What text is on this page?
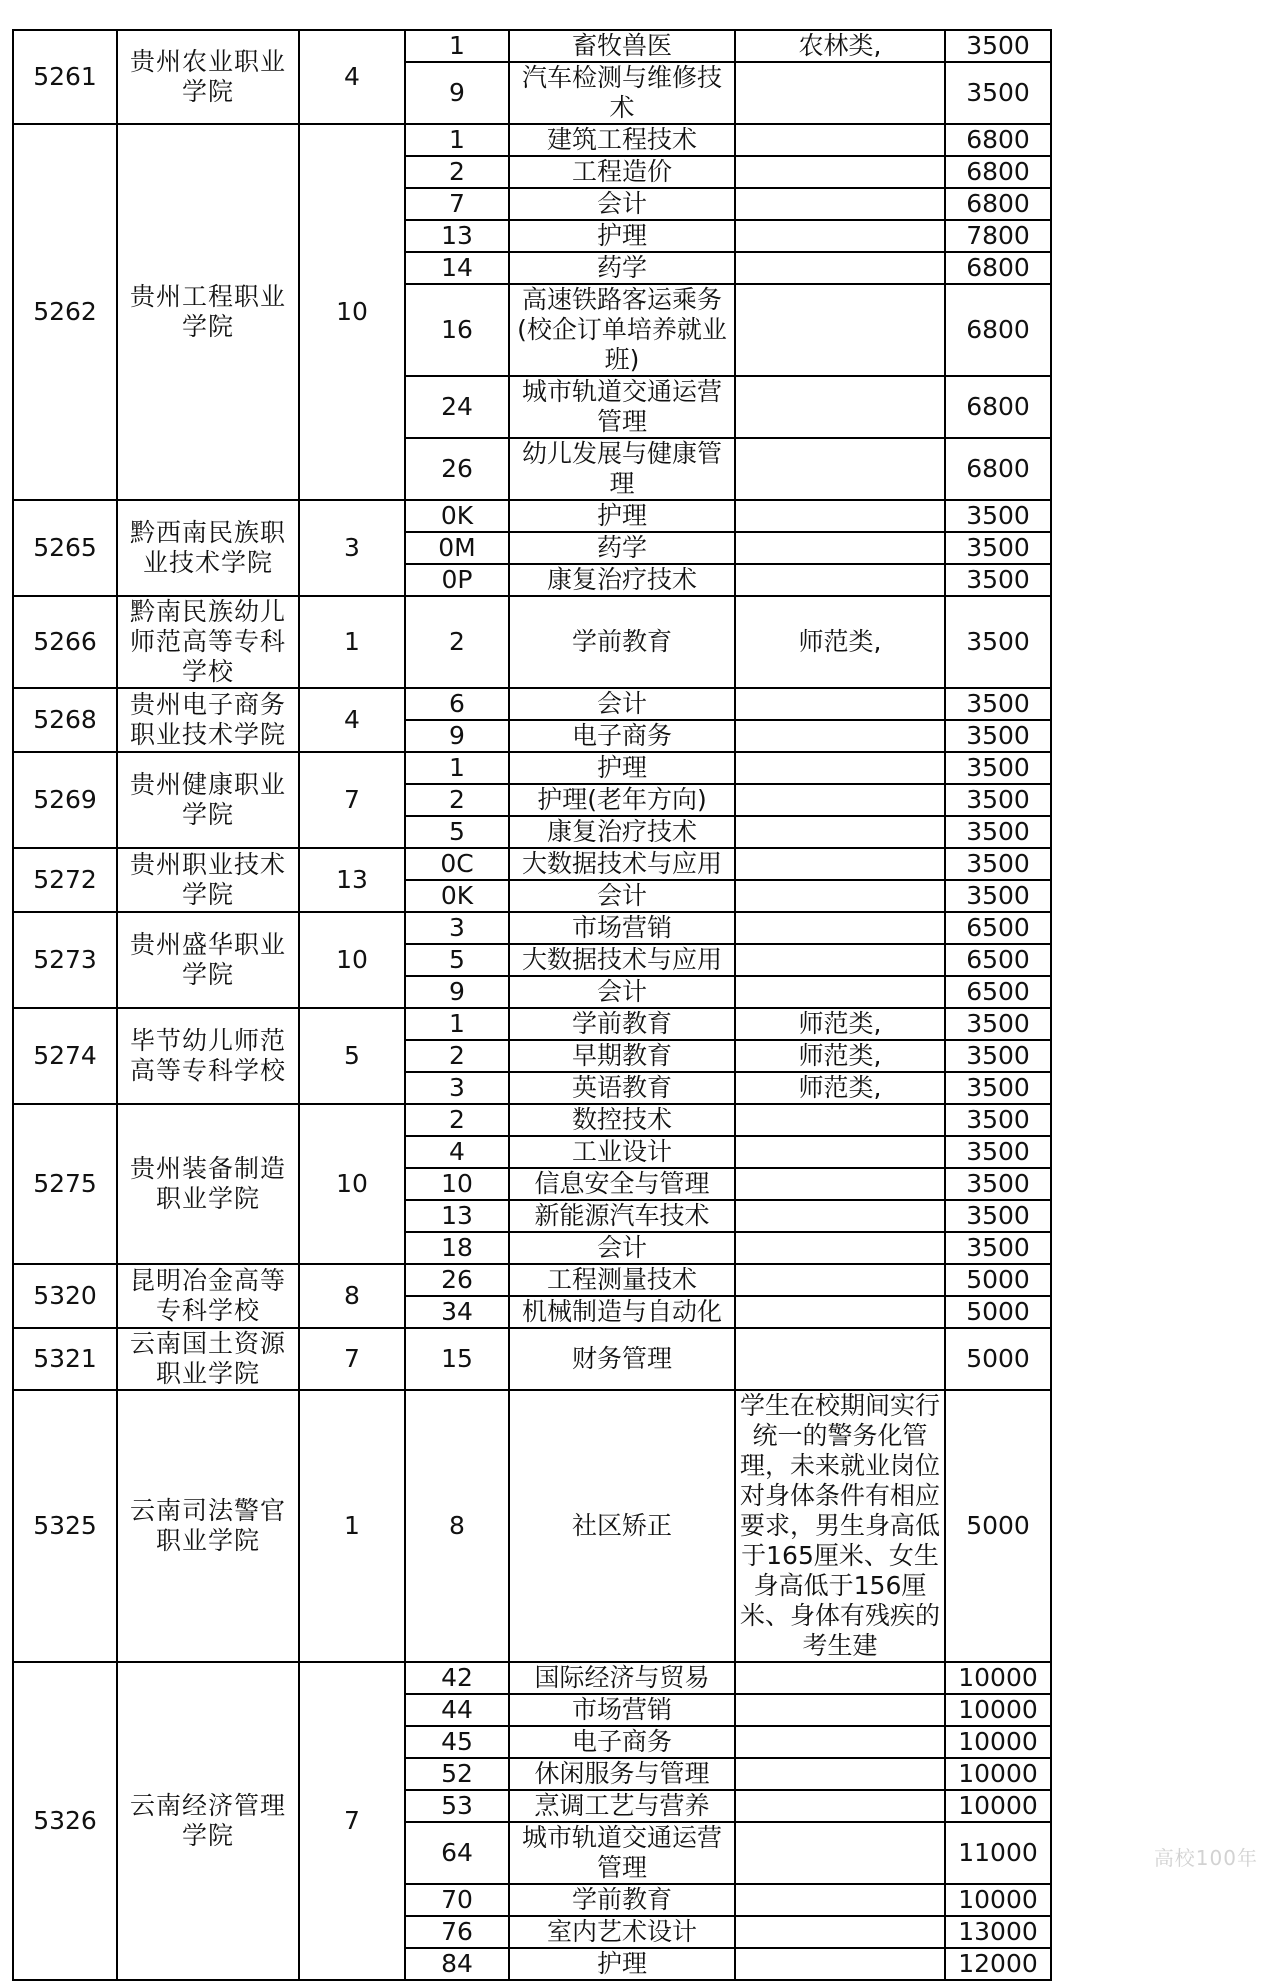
5261	贵州农业职业学院	4	1	畜牧兽医	农林类,	3500
			9	汽车检测与维修技术		3500
5262	贵州工程职业学院	10	1	建筑工程技术		6800
			2	工程造价		6800
			7	会计		6800
			13	护理		7800
			14	药学		6800
			16	高速铁路客运乘务(校企订单培养就业班)		6800
			24	城市轨道交通运营管理		6800
			26	幼儿发展与健康管理		6800
5265	黔西南民族职业技术学院	3	0K	护理		3500
			0M	药学		3500
			0P	康复治疗技术		3500
5266	黔南民族幼儿师范高等专科学校	1	2	学前教育	师范类,	3500
5268	贵州电子商务职业技术学院	4	6	会计		3500
			9	电子商务		3500
5269	贵州健康职业学院	7	1	护理		3500
			2	护理(老年方向)		3500
			5	康复治疗技术		3500
5272	贵州职业技术学院	13	0C	大数据技术与应用		3500
			0K	会计		3500
5273	贵州盛华职业学院	10	3	市场营销		6500
			5	大数据技术与应用		6500
			9	会计		6500
5274	毕节幼儿师范高等专科学校	5	1	学前教育	师范类,	3500
			2	早期教育	师范类,	3500
			3	英语教育	师范类,	3500
5275	贵州装备制造职业学院	10	2	数控技术		3500
			4	工业设计		3500
			10	信息安全与管理		3500
			13	新能源汽车技术		3500
			18	会计		3500
5320	昆明冶金高等专科学校	8	26	工程测量技术		5000
			34	机械制造与自动化		5000
5321	云南国土资源职业学院	7	15	财务管理		5000
5325	云南司法警官职业学院	1	8	社区矫正	学生在校期间实行统一的警务化管理，未来就业岗位对身体条件有相应要求，男生身高低于165厘米、女生身高低于156厘米、身体有残疾的考生建	5000
5326	云南经济管理学院	7	42	国际经济与贸易		10000
			44	市场营销		10000
			45	电子商务		10000
			52	休闲服务与管理		10000
			53	烹调工艺与营养		10000
			64	城市轨道交通运营管理		11000
			70	学前教育		10000
			76	室内艺术设计		13000
			84	护理		12000
高校100年
